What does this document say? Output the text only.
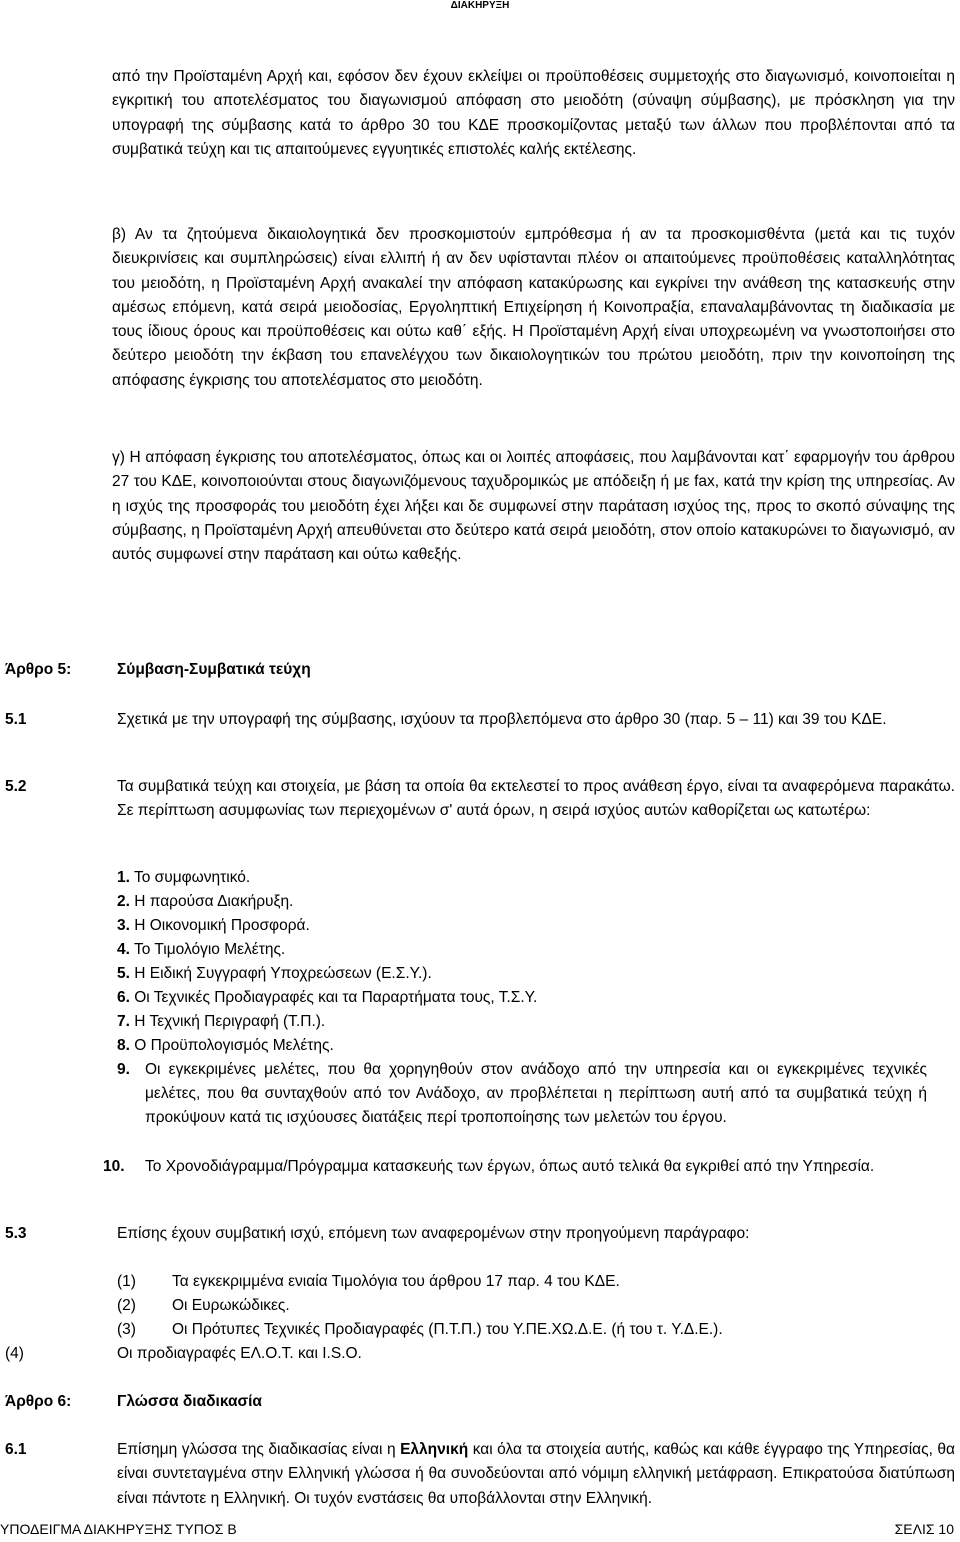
ΔΙΑΚΗΡΥΞΗ

από την Προϊσταμένη Αρχή και, εφόσον δεν έχουν εκλείψει οι προϋποθέσεις συμμετοχής στο διαγωνισμό, κοινοποιείται η εγκριτική του αποτελέσματος του διαγωνισμού απόφαση στο μειοδότη (σύναψη σύμβασης), με πρόσκληση για την υπογραφή της σύμβασης κατά το άρθρο 30 του ΚΔΕ προσκομίζοντας μεταξύ των άλλων που προβλέπονται από τα συμβατικά τεύχη και τις απαιτούμενες εγγυητικές επιστολές καλής εκτέλεσης.

β) Αν τα ζητούμενα δικαιολογητικά δεν προσκομιστούν εμπρόθεσμα ή αν τα προσκομισθέντα (μετά και τις τυχόν διευκρινίσεις και συμπληρώσεις) είναι ελλιπή ή αν δεν υφίστανται πλέον οι απαιτούμενες προϋποθέσεις καταλληλότητας του μειοδότη, η Προϊσταμένη Αρχή ανακαλεί την απόφαση κατακύρωσης και εγκρίνει την ανάθεση της κατασκευής στην αμέσως επόμενη, κατά σειρά μειοδοσίας, Εργοληπτική Επιχείρηση ή Κοινοπραξία, επαναλαμβάνοντας τη διαδικασία με τους ίδιους όρους και προϋποθέσεις και ούτω καθ΄ εξής. Η Προϊσταμένη Αρχή είναι υποχρεωμένη να γνωστοποιήσει στο δεύτερο μειοδότη την έκβαση του επανελέγχου των δικαιολογητικών του πρώτου μειοδότη, πριν την κοινοποίηση της απόφασης έγκρισης του αποτελέσματος στο μειοδότη.

γ) Η απόφαση έγκρισης του αποτελέσματος, όπως και οι λοιπές αποφάσεις, που λαμβάνονται κατ΄ εφαρμογήν του άρθρου 27 του ΚΔΕ, κοινοποιούνται στους διαγωνιζόμενους ταχυδρομικώς με απόδειξη ή με fax, κατά την κρίση της υπηρεσίας. Αν η ισχύς της προσφοράς του μειοδότη έχει λήξει και δε συμφωνεί στην παράταση ισχύος της, προς το σκοπό σύναψης της σύμβασης, η Προϊσταμένη Αρχή απευθύνεται στο δεύτερο κατά σειρά μειοδότη, στον οποίο κατακυρώνει το διαγωνισμό, αν αυτός συμφωνεί στην παράταση και ούτω καθεξής.

Άρθρο 5:	Σύμβαση-Συμβατικά τεύχη
5.1	Σχετικά με την υπογραφή της σύμβασης, ισχύουν τα προβλεπόμενα στο άρθρο 30 (παρ. 5 – 11) και 39 του ΚΔΕ.

5.2	Τα συμβατικά τεύχη και στοιχεία, με βάση τα οποία θα εκτελεστεί το προς ανάθεση έργο, είναι τα αναφερόμενα παρακάτω. Σε περίπτωση ασυμφωνίας των περιεχομένων σ' αυτά όρων, η σειρά ισχύος αυτών καθορίζεται ως κατωτέρω:

1. Το συμφωνητικό.
2. Η παρούσα Διακήρυξη.
3. Η Οικονομική Προσφορά.
4. Το Τιμολόγιο Μελέτης.
5. Η Ειδική Συγγραφή Υποχρεώσεων (Ε.Σ.Υ.).
6. Οι Τεχνικές Προδιαγραφές και τα Παραρτήματα τους, Τ.Σ.Υ.
7. Η Τεχνική Περιγραφή (Τ.Π.).
8. Ο Προϋπολογισμός Μελέτης.
9. Οι εγκεκριμένες μελέτες, που θα χορηγηθούν στον ανάδοχο από την υπηρεσία και οι εγκεκριμένες τεχνικές μελέτες, που θα συνταχθούν από τον Ανάδοχο, αν προβλέπεται η περίπτωση αυτή από τα συμβατικά τεύχη ή προκύψουν κατά τις ισχύουσες διατάξεις περί τροποποίησης των μελετών του έργου.
10.	Το Χρονοδιάγραμμα/Πρόγραμμα κατασκευής των έργων, όπως αυτό τελικά θα εγκριθεί από την Υπηρεσία.
5.3	Επίσης έχουν συμβατική ισχύ, επόμενη των αναφερομένων στην προηγούμενη παράγραφο:

(1) Τα εγκεκριμμένα ενιαία Τιμολόγια του άρθρου 17 παρ. 4 του ΚΔΕ.
(2) Οι Ευρωκώδικες.
(3) Οι Πρότυπες Τεχνικές Προδιαγραφές (Π.Τ.Π.) του Υ.ΠΕ.ΧΩ.Δ.Ε. (ή του τ. Υ.Δ.Ε.).
(4)	Οι προδιαγραφές ΕΛ.Ο.Τ. και I.S.O.
Άρθρο 6:	Γλώσσα διαδικασία
6.1	Επίσημη γλώσσα της διαδικασίας είναι η Ελληνική και όλα τα στοιχεία αυτής, καθώς και κάθε έγγραφο της Υπηρεσίας, θα είναι συντεταγμένα στην Ελληνική γλώσσα ή θα συνοδεύονται από νόμιμη ελληνική μετάφραση. Επικρατούσα διατύπωση είναι πάντοτε η Ελληνική. Οι τυχόν ενστάσεις θα υποβάλλονται στην Ελληνική.

ΥΠΟΔΕΙΓΜΑ ΔΙΑΚΗΡΥΞΗΣ ΤΥΠΟΣ Β	ΣΕΛΙΣ 10
